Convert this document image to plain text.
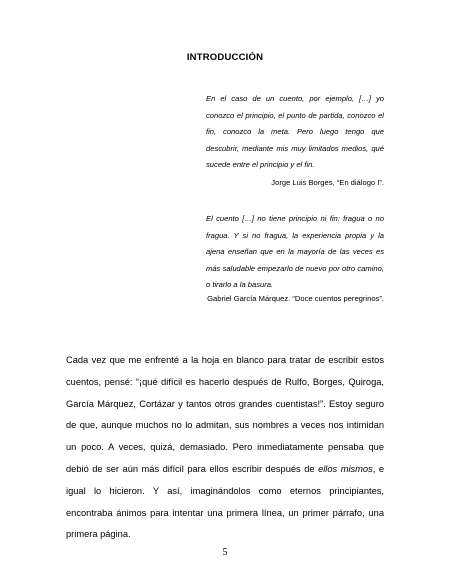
INTRODUCCIÓN
En el caso de un cuento, por ejemplo, […] yo conozco el principio, el punto de partida, conozco el fin, conozco la meta. Pero luego tengo que descubrir, mediante mis muy limitados medios, qué sucede entre el principio y el fin.
Jorge Luis Borges, “En diálogo I”.
El cuento […] no tiene principio ni fin: fragua o no fragua. Y si no fragua, la experiencia propia y la ajena enseñan que en la mayoría de las veces es más saludable empezarlo de nuevo por otro camino, o tirarlo a la basura.
Gabriel García Márquez. “Doce cuentos peregrinos”.
Cada vez que me enfrenté a la hoja en blanco para tratar de escribir estos cuentos, pensé: “¡qué difícil es hacerlo después de Rulfo, Borges, Quiroga, García Márquez, Cortázar y tantos otros grandes cuentistas!”. Estoy seguro de que, aunque muchos no lo admitan, sus nombres a veces nos intimidan un poco. A veces, quizá, demasiado. Pero inmediatamente pensaba que debió de ser aún más difícil para ellos escribir después de ellos mismos, e igual lo hicieron. Y así, imaginándolos como eternos principiantes, encontraba ánimos para intentar una primera línea, un primer párrafo, una primera página.
5
